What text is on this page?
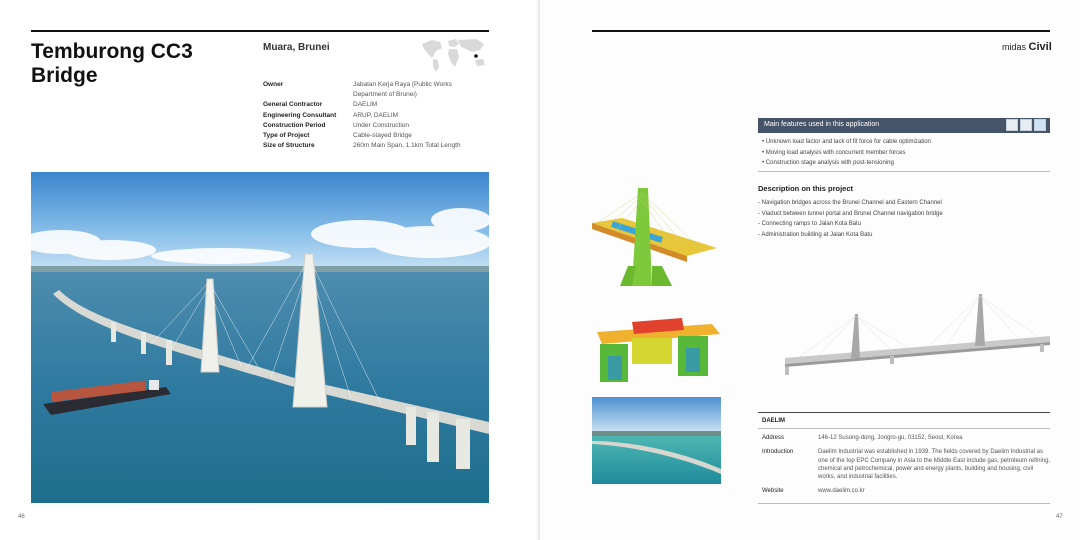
Temburong CC3 Bridge
Muara, Brunei
Owner	Jabatan Kerja Raya (Public Works Department of Brunei)
General Contractor	DAELIM
Engineering Consultant	ARUP, DAELIM
Construction Period	Under Construction
Type of Project	Cable-stayed Bridge
Size of Structure	260m Main Span, 1.1km Total Length
46
midas Civil
Main features used in this application
• Unknown load factor and lack of fit force for cable optimization
• Moving load analysis with concurrent member forces
• Construction stage analysis with post-tensioning
Description on this project
- Navigation bridges across the Brunei Channel and Eastern Channel
- Viaduct between tunnel portal and Brunei Channel navigation bridge
- Connecting ramps to Jalan Kota Batu
- Administration building at Jalan Kota Batu
DAELIM
Address	146-12 Susong-dong, Jongro-gu, 03152, Seoul, Korea
Introduction	Daelim Industrial was established in 1939. The fields covered by Daelim Industrial as one of the top EPC Company in Asia to the Middle East include gas, petroleum refining, chemical and petrochemical, power and energy plants, building and housing, civil works, and industrial facilities.
Website	www.daelim.co.kr
47
